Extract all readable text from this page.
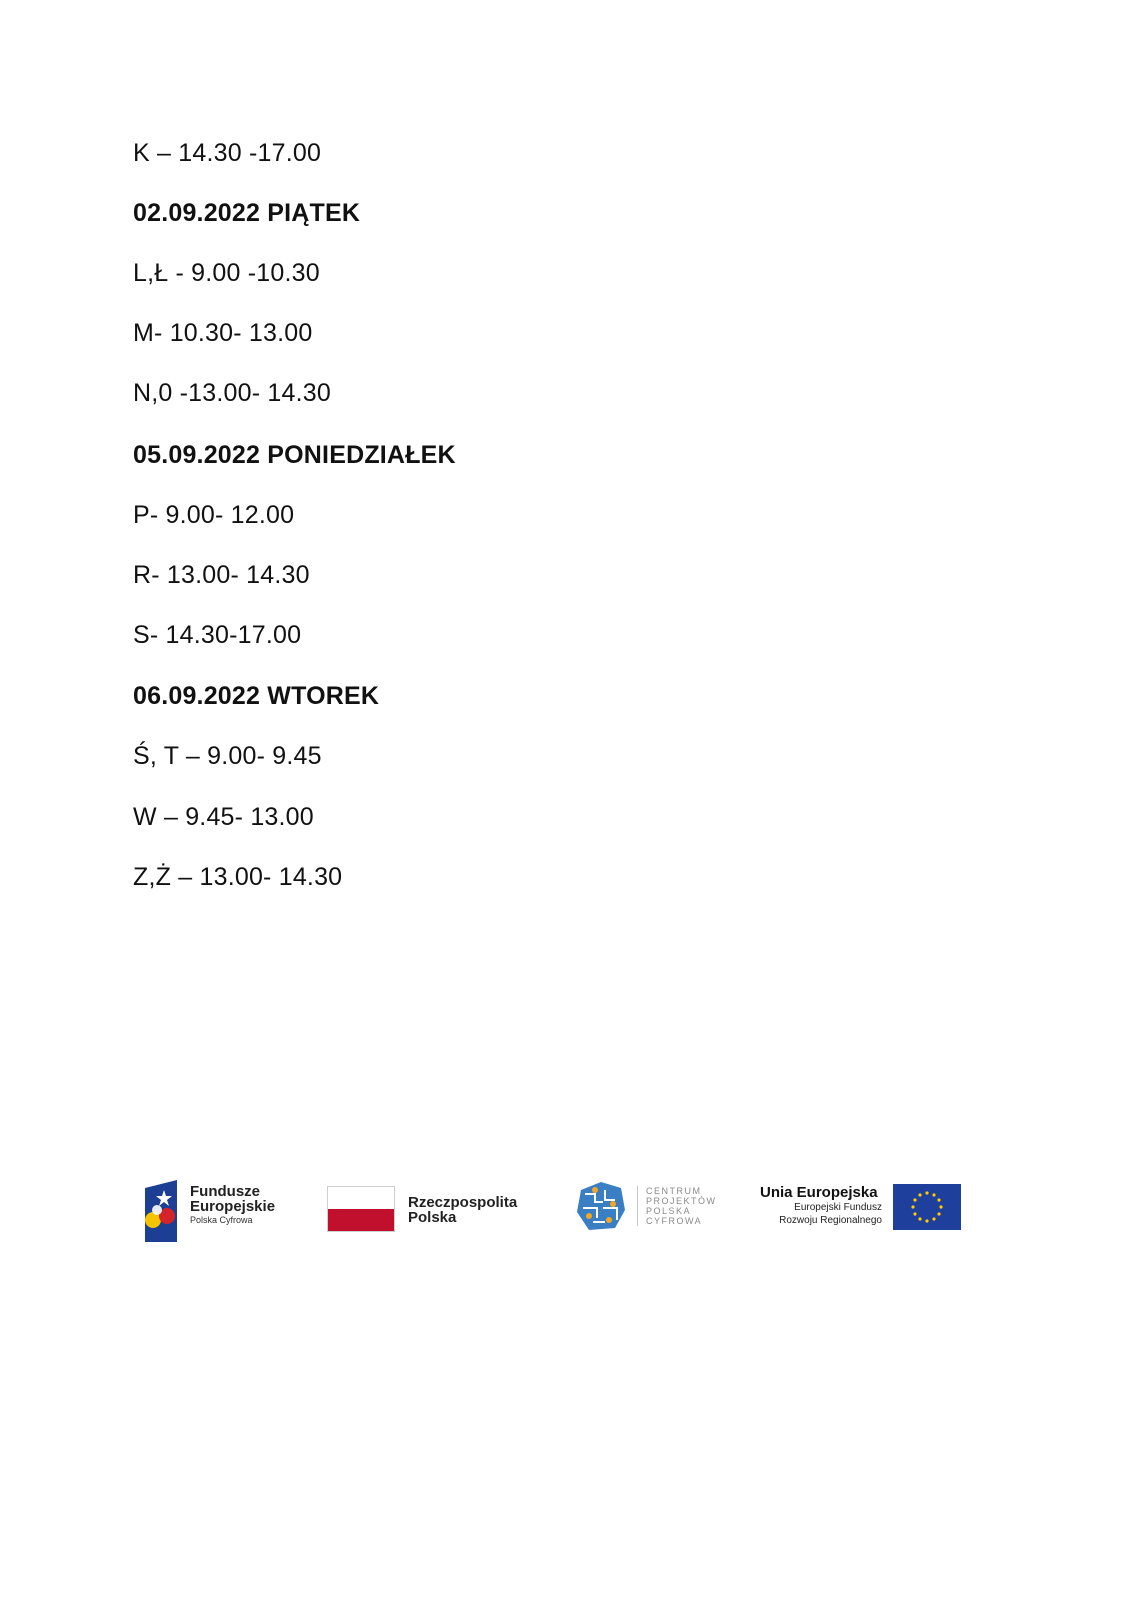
K – 14.30 -17.00
02.09.2022 PIĄTEK
L,Ł - 9.00 -10.30
M- 10.30- 13.00
N,0 -13.00- 14.30
05.09.2022 PONIEDZIAŁEK
P- 9.00- 12.00
R- 13.00- 14.30
S- 14.30-17.00
06.09.2022 WTOREK
Ś, T – 9.00- 9.45
W – 9.45- 13.00
Z,Ż – 13.00- 14.30
Fundusze
Europejskie
Polska Cyfrowa
Rzeczpospolita
Polska
CENTRUM
PROJEKTÓW
POLSKA
CYFROWA
Unia Europejska
Europejski Fundusz
Rozwoju Regionalnego
